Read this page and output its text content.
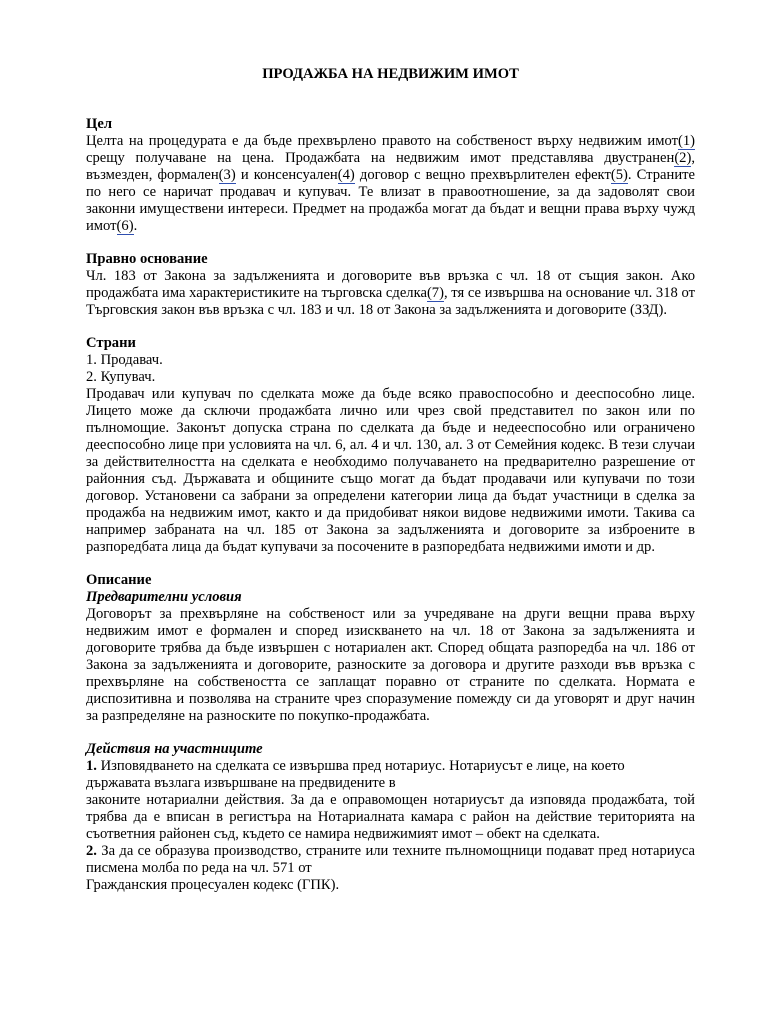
ПРОДАЖБА НА НЕДВИЖИМ ИМОТ

Цел

Целта на процедурата е да бъде прехвърлено правото на собственост върху недвижим имот(1) срещу получаване на цена. Продажбата на недвижим имот представлява двустранен(2), възмезден, формален(3) и консенсуален(4) договор с вещно прехвърлителен ефект(5). Страните по него се наричат продавач и купувач. Те влизат в правоотношение, за да задоволят свои законни имуществени интереси. Предмет на продажба могат да бъдат и вещни права върху чужд имот(6).

Правно основание

Чл. 183 от Закона за задълженията и договорите във връзка с чл. 18 от същия закон. Ако продажбата има характеристиките на търговска сделка(7), тя се извършва на основание чл. 318 от Търговския закон във връзка с чл. 183 и чл. 18 от Закона за задълженията и договорите (ЗЗД).

Страни

1. Продавач.

2. Купувач.

Продавач или купувач по сделката може да бъде всяко правоспособно и дееспособно лице. Лицето може да сключи продажбата лично или чрез свой представител по закон или по пълномощие. Законът допуска страна по сделката да бъде и недееспособно или ограничено дееспособно лице при условията на чл. 6, ал. 4 и чл. 130, ал. 3 от Семейния кодекс. В тези случаи за действителността на сделката е необходимо получаването на предварително разрешение от районния съд. Държавата и общините също могат да бъдат продавачи или купувачи по този договор. Установени са забрани за определени категории лица да бъдат участници в сделка за продажба на недвижим имот, както и да придобиват някои видове недвижими имоти. Такива са например забраната на чл. 185 от Закона за задълженията и договорите за изброените в разпоредбата лица да бъдат купувачи за посочените в разпоредбата недвижими имоти и др.

Описание

Предварителни условия

Договорът за прехвърляне на собственост или за учредяване на други вещни права върху недвижим имот е формален и според изискването на чл. 18 от Закона за задълженията и договорите трябва да бъде извършен с нотариален акт. Според общата разпоредба на чл. 186 от Закона за задълженията и договорите, разноските за договора и другите разходи във връзка с прехвърляне на собствеността се заплащат поравно от страните по сделката. Нормата е диспозитивна и позволява на страните чрез споразумение помежду си да уговорят и друг начин за разпределяне на разноските по покупко-продажбата.

Действия на участниците

1. Изповядването на сделката се извършва пред нотариус. Нотариусът е лице, на което

държавата възлага извършване на предвидените в

законите нотариални действия. За да е оправомощен нотариусът да изповяда продажбата, той трябва да е вписан в регистъра на Нотариалната камара с район на действие територията на съответния районен съд, където се намира недвижимият имот – обект на сделката.

2. За да се образува производство, страните или техните пълномощници подават пред нотариуса писмена молба по реда на чл. 571 от

Гражданския процесуален кодекс (ГПК).
